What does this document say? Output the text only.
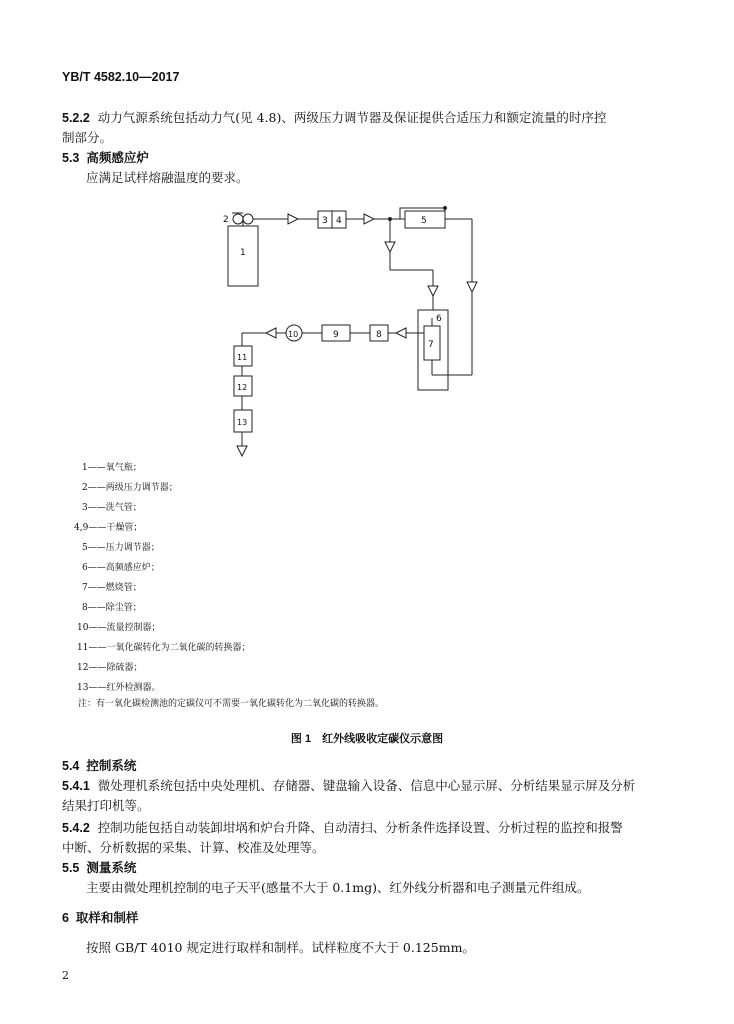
YB/T 4582.10—2017
5.2.2 动力气源系统包括动力气(见 4.8)、两级压力调节器及保证提供合适压力和额定流量的时序控
制部分。
5.3 高频感应炉
应满足试样熔融温度的要求。
1
2	3 4	5
6
7
8
9
10
11
12
13
1——氧气瓶；
2——两级压力调节器；
3——洗气管；
4,9——干燥管；
5——压力调节器；
6——高频感应炉；
7——燃烧管；
8——除尘管；
10——流量控制器；
11——一氧化碳转化为二氧化碳的转换器；
12——除硫器；
13——红外检测器。
注：有一氧化碳检测池的定碳仪可不需要一氧化碳转化为二氧化碳的转换器。
图 1　红外线吸收定碳仪示意图
5.4 控制系统
5.4.1 微处理机系统包括中央处理机、存储器、键盘输入设备、信息中心显示屏、分析结果显示屏及分析
结果打印机等。
5.4.2 控制功能包括自动装卸坩埚和炉台升降、自动清扫、分析条件选择设置、分析过程的监控和报警
中断、分析数据的采集、计算、校准及处理等。
5.5 测量系统
主要由微处理机控制的电子天平(感量不大于 0.1mg)、红外线分析器和电子测量元件组成。
6 取样和制样
按照 GB/T 4010 规定进行取样和制样。试样粒度不大于 0.125mm。
2
